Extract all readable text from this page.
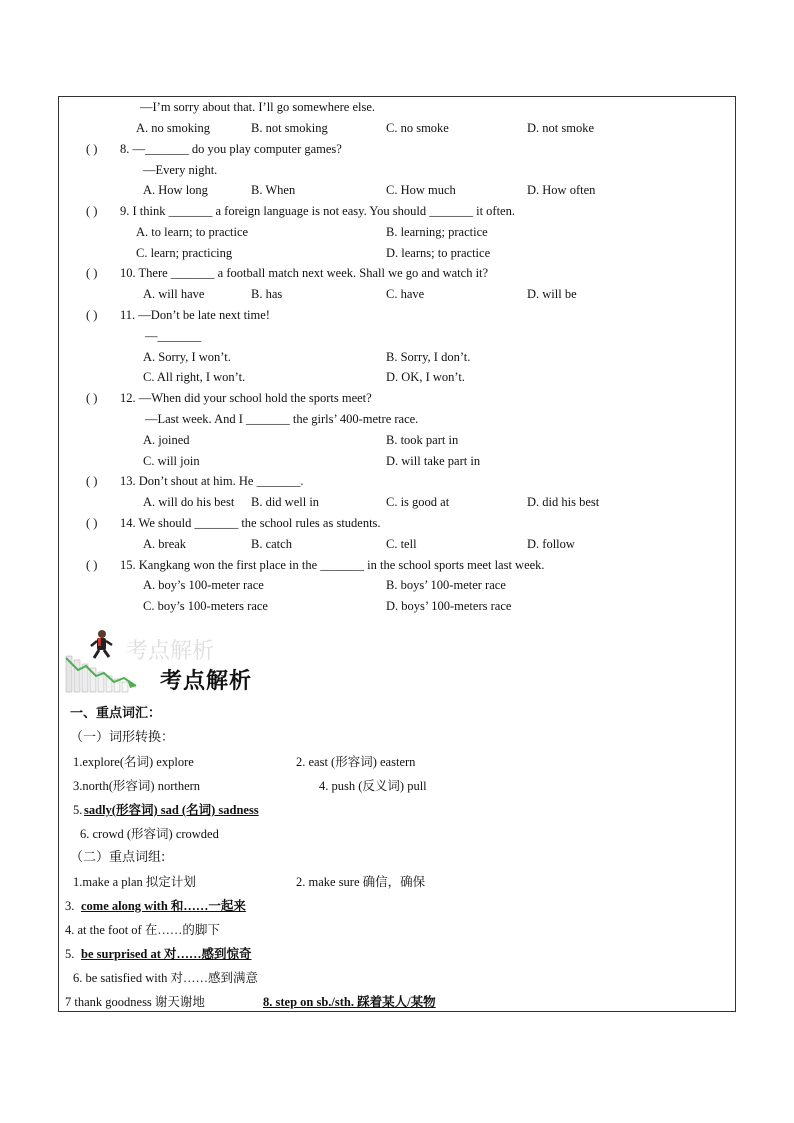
—I’m sorry about that. I’ll go somewhere else.
A. no smoking	B. not smoking	C. no smoke	D. not smoke
( ) 8. —_______ do you play computer games?
—Every night.
A. How long	B. When	C. How much	D. How often
( ) 9. I think _______ a foreign language is not easy. You should _______ it often.
A. to learn; to practice	B. learning; practice
C. learn; practicing	D. learns; to practice
( ) 10. There _______ a football match next week. Shall we go and watch it?
A. will have	B. has	C. have	D. will be
( ) 11. —Don’t be late next time!
—_______
A. Sorry, I won’t.	B. Sorry, I don’t.
C. All right, I won’t.	D. OK, I won’t.
( ) 12. —When did your school hold the sports meet?
—Last week. And I _______ the girls’ 400-metre race.
A. joined	B. took part in
C. will join	D. will take part in
( ) 13. Don’t shout at him. He _______.
A. will do his best B. did well in	C. is good at	D. did his best
( ) 14. We should _______ the school rules as students.
A. break	B. catch	C. tell	D. follow
( ) 15. Kangkang won the first place in the _______ in the school sports meet last week.
A. boy’s 100-meter race	B. boys’ 100-meter race
C. boy’s 100-meters race	D. boys’ 100-meters race
考点解析
考点解析
一、重点词汇：
（一）词形转换：
1.explore(名词) explore	2. east (形容词) eastern
3.north(形容词) northern	4. push (反义词) pull
5. sadly(形容词) sad (名词) sadness
6. crowd (形容词) crowded
（二）重点词组:
1.make a plan 拟定计划	2. make sure 确信，确保
3. come along with 和……一起来
4. at the foot of 在……的脚下
5. be surprised at 对……感到惊奇
6. be satisfied with 对……感到满意
7 thank goodness 谢天谢地	8. step on sb./sth. 踩着某人/某物
